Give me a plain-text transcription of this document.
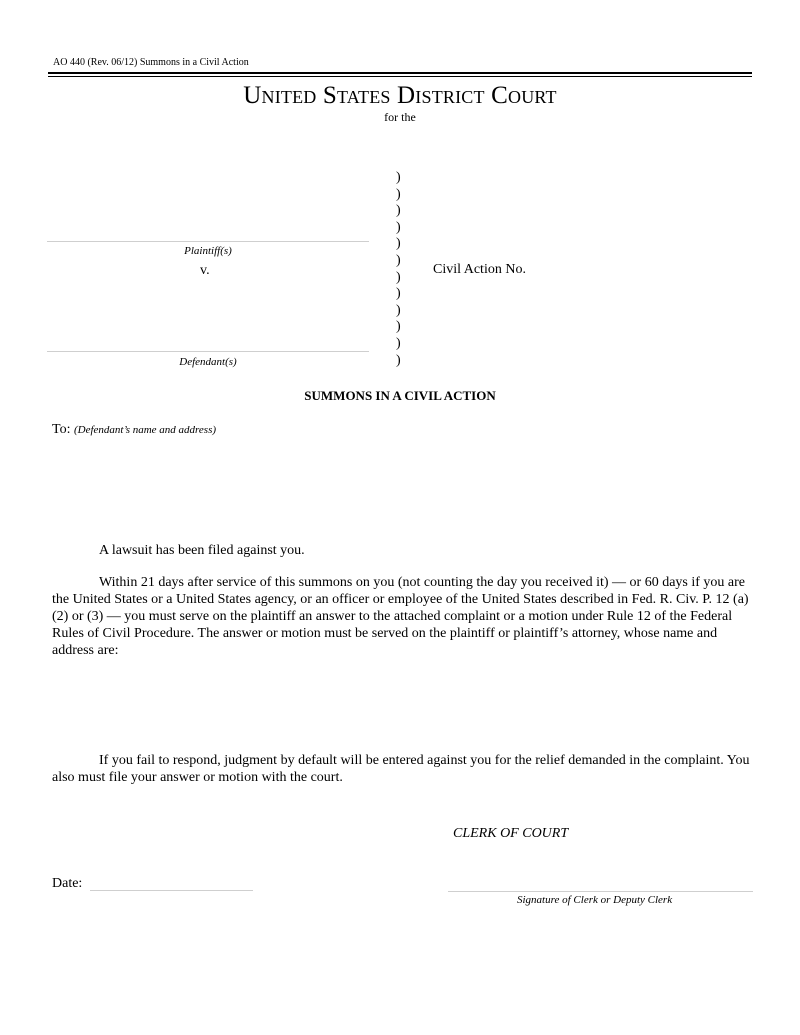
AO 440 (Rev. 06/12) Summons in a Civil Action
United States District Court
for the
Plaintiff(s)
v.
Defendant(s)
)
)
)
)
)
)
)
)
)
)
)
)
Civil Action No.
SUMMONS IN A CIVIL ACTION
To: (Defendant’s name and address)
A lawsuit has been filed against you.
Within 21 days after service of this summons on you (not counting the day you received it) — or 60 days if you are the United States or a United States agency, or an officer or employee of the United States described in Fed. R. Civ. P. 12 (a)(2) or (3) — you must serve on the plaintiff an answer to the attached complaint or a motion under Rule 12 of the Federal Rules of Civil Procedure. The answer or motion must be served on the plaintiff or plaintiff’s attorney, whose name and address are:
If you fail to respond, judgment by default will be entered against you for the relief demanded in the complaint. You also must file your answer or motion with the court.
CLERK OF COURT
Date:
Signature of Clerk or Deputy Clerk
